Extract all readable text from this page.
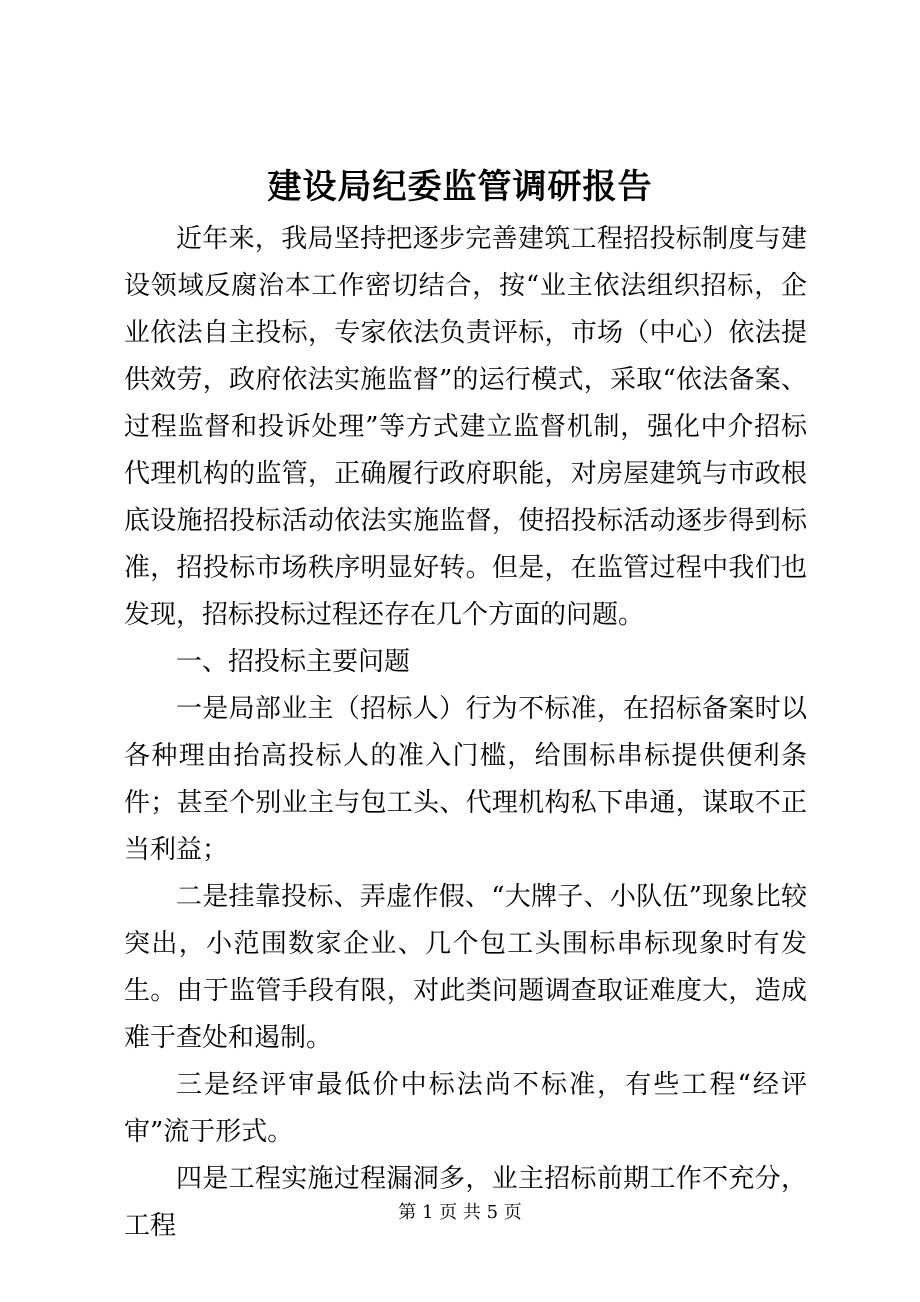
建设局纪委监管调研报告

近年来，我局坚持把逐步完善建筑工程招投标制度与建设领域反腐治本工作密切结合，按“业主依法组织招标，企业依法自主投标，专家依法负责评标，市场（中心）依法提供效劳，政府依法实施监督”的运行模式，采取“依法备案、过程监督和投诉处理”等方式建立监督机制，强化中介招标代理机构的监管，正确履行政府职能，对房屋建筑与市政根底设施招投标活动依法实施监督，使招投标活动逐步得到标准，招投标市场秩序明显好转。但是，在监管过程中我们也发现，招标投标过程还存在几个方面的问题。

一、招投标主要问题

一是局部业主（招标人）行为不标准，在招标备案时以各种理由抬高投标人的准入门槛，给围标串标提供便利条件；甚至个别业主与包工头、代理机构私下串通，谋取不正当利益；

二是挂靠投标、弄虚作假、“大牌子、小队伍”现象比较突出，小范围数家企业、几个包工头围标串标现象时有发生。由于监管手段有限，对此类问题调查取证难度大，造成难于查处和遏制。

三是经评审最低价中标法尚不标准，有些工程“经评审”流于形式。

四是工程实施过程漏洞多，业主招标前期工作不充分，工程	第 1 页 共 5 页
